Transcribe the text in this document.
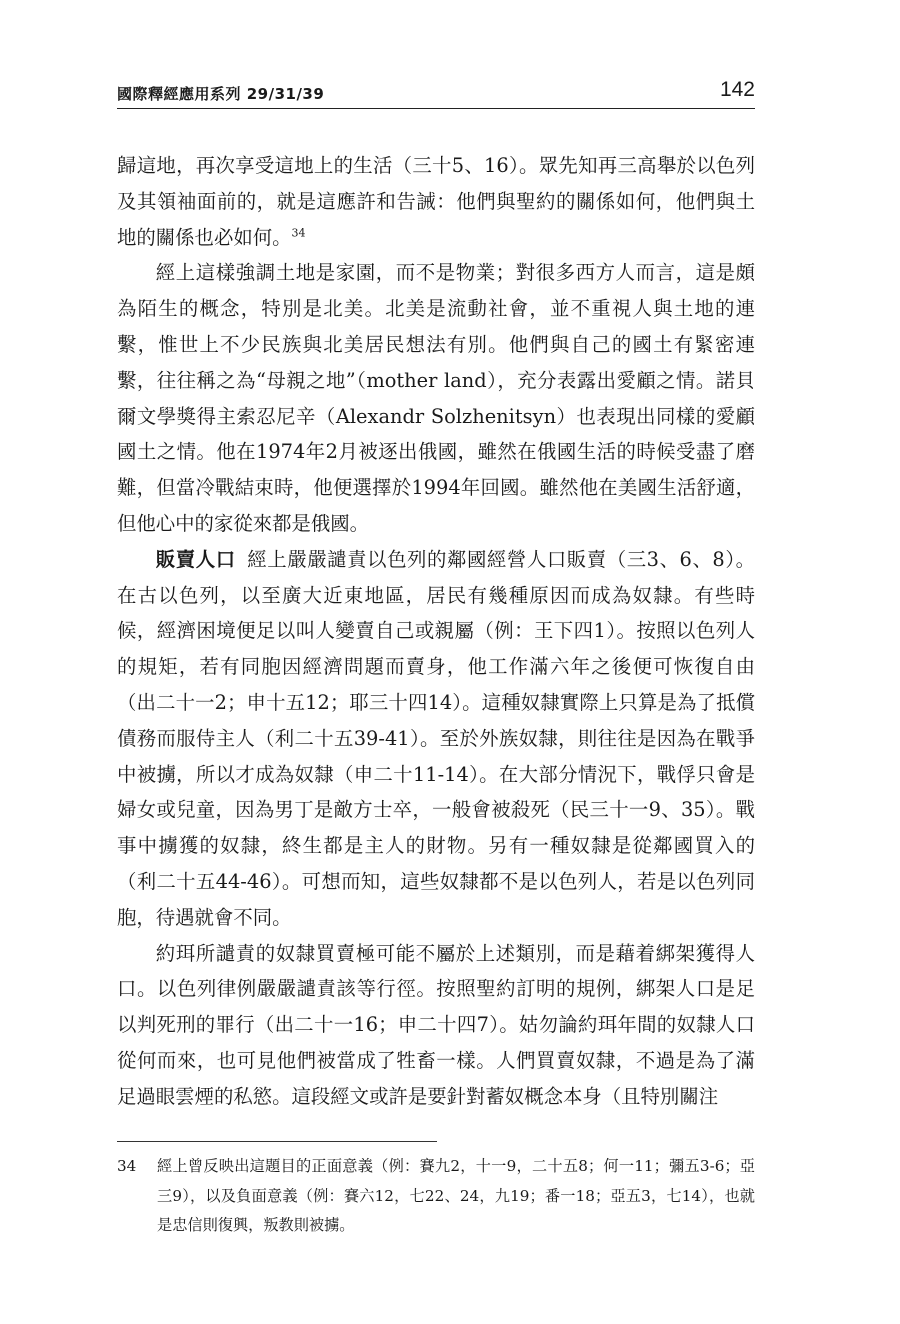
國際釋經應用系列 29/31/39	142

歸這地，再次享受這地上的生活（三十5、16）。眾先知再三高舉於以色列及其領袖面前的，就是這應許和告誡：他們與聖約的關係如何，他們與土地的關係也必如何。$^{34}$

經上這樣強調土地是家園，而不是物業；對很多西方人而言，這是頗為陌生的概念，特別是北美。北美是流動社會，並不重視人與土地的連繫，惟世上不少民族與北美居民想法有別。他們與自己的國土有緊密連繫，往往稱之為“母親之地”（mother land），充分表露出愛顧之情。諾貝爾文學獎得主索忍尼辛（Alexandr Solzhenitsyn）也表現出同樣的愛顧國土之情。他在1974年2月被逐出俄國，雖然在俄國生活的時候受盡了磨難，但當冷戰結束時，他便選擇於1994年回國。雖然他在美國生活舒適，但他心中的家從來都是俄國。

販賣人口 經上嚴嚴譴責以色列的鄰國經營人口販賣（三3、6、8）。在古以色列，以至廣大近東地區，居民有幾種原因而成為奴隸。有些時候，經濟困境便足以叫人變賣自己或親屬（例：王下四1）。按照以色列人的規矩，若有同胞因經濟問題而賣身，他工作滿六年之後便可恢復自由（出二十一2；申十五12；耶三十四14）。這種奴隸實際上只算是為了抵償債務而服侍主人（利二十五39-41）。至於外族奴隸，則往往是因為在戰爭中被擄，所以才成為奴隸（申二十11-14）。在大部分情況下，戰俘只會是婦女或兒童，因為男丁是敵方士卒，一般會被殺死（民三十一9、35）。戰事中擄獲的奴隸，終生都是主人的財物。另有一種奴隸是從鄰國買入的（利二十五44-46）。可想而知，這些奴隸都不是以色列人，若是以色列同胞，待遇就會不同。

約珥所譴責的奴隸買賣極可能不屬於上述類別，而是藉着綁架獲得人口。以色列律例嚴嚴譴責該等行徑。按照聖約訂明的規例，綁架人口是足以判死刑的罪行（出二十一16；申二十四7）。姑勿論約珥年間的奴隸人口從何而來，也可見他們被當成了牲畜一樣。人們買賣奴隸，不過是為了滿足過眼雲煙的私慾。這段經文或許是要針對蓄奴概念本身（且特別關注

34 經上曾反映出這題目的正面意義（例：賽九2，十一9，二十五8；何一11；彌五3-6；亞三9），以及負面意義（例：賽六12，七22、24，九19；番一18；亞五3，七14），也就是忠信則復興，叛教則被擄。
